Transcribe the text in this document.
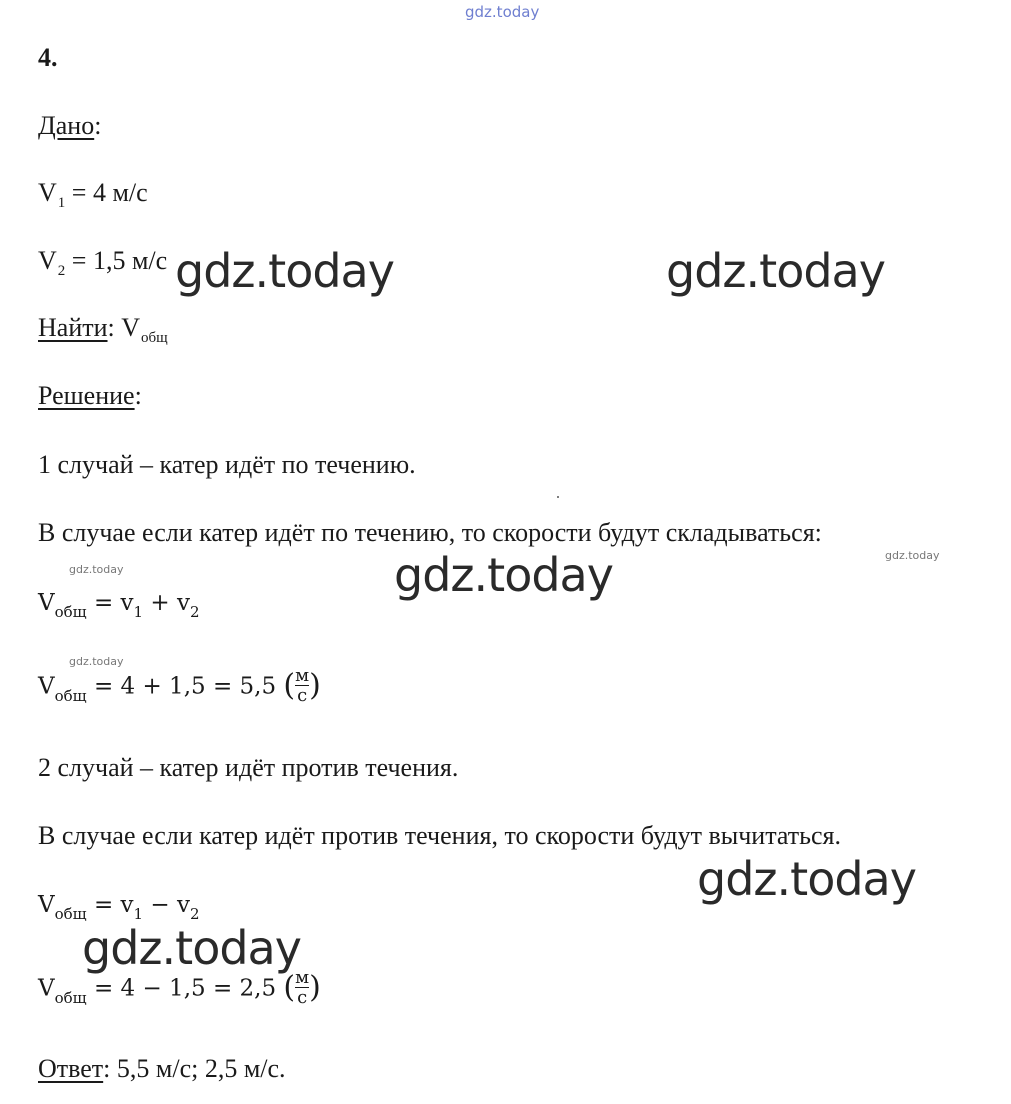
gdz.today
gdz.today	gdz.today
gdz.today	gdz.today
gdz.today
gdz.today
gdz.today
gdz.today
4.
Дано:
$V_1 = 4$ м/с
$V_2 = 1,5$ м/с
Найти: $V_{общ}$
Решение:
1 случай – катер идёт по течению.
В случае если катер идёт по течению, то скорости будут складываться:
$V_{общ} = v_1 + v_2$
$V_{общ} = 4 + 1,5 = 5,5$ ( $\frac{м}{с}$ )
2 случай – катер идёт против течения.
В случае если катер идёт против течения, то скорости будут вычитаться.
$V_{общ} = v_1 - v_2$
$V_{общ} = 4 - 1,5 = 2,5$ ( $\frac{м}{с}$ )
Ответ: 5,5 м/с; 2,5 м/с.
